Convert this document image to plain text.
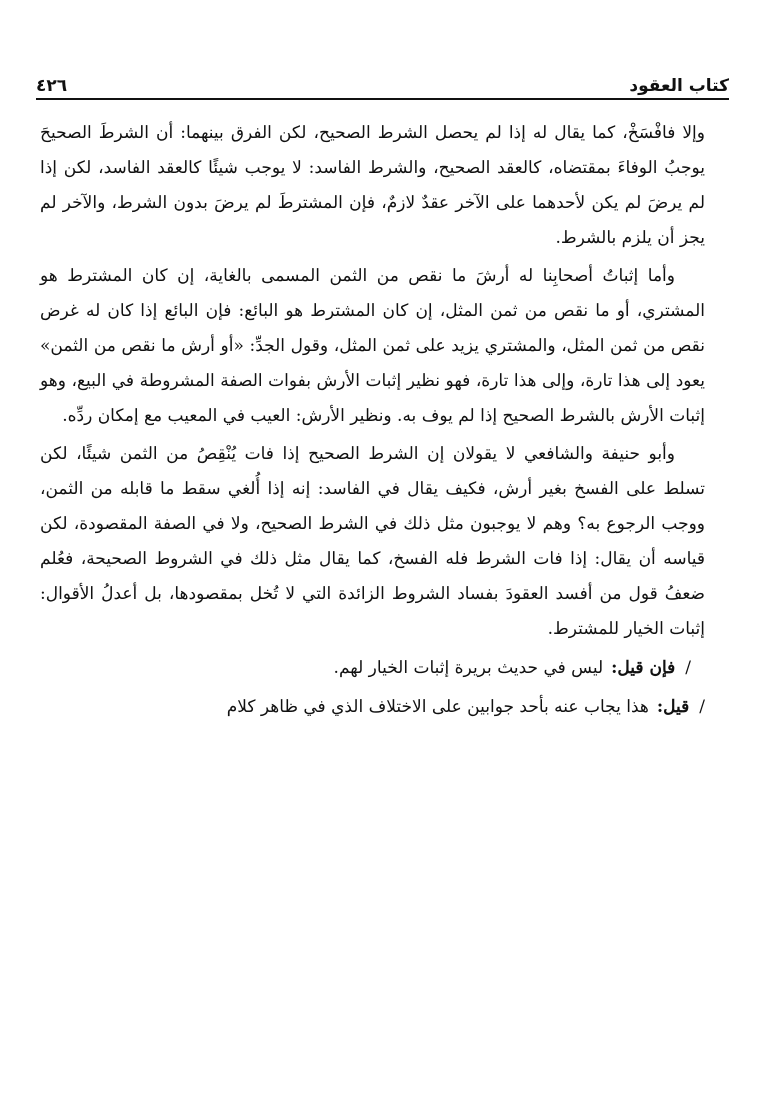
كتاب العقود
٤٢٦

وإلا فافْسَخْ، كما يقال له إذا لم يحصل الشرط الصحيح، لكن الفرق بينهما: أن الشرطَ الصحيحَ يوجبُ الوفاءَ بمقتضاه، كالعقد الصحيح، والشرط الفاسد: لا يوجب شيئًا كالعقد الفاسد، لكن إذا لم يرضَ لم يكن لأحدهما على الآخر عقدٌ لازمٌ، فإن المشترطَ لم يرضَ بدون الشرط، والآخر لم يجز أن يلزم بالشرط.

وأما إثباتُ أصحابِنا له أرشَ ما نقص من الثمن المسمى بالغاية، إن كان المشترط هو المشتري، أو ما نقص من ثمن المثل، إن كان المشترط هو البائع: فإن البائع إذا كان له غرض نقص من ثمن المثل، والمشتري يزيد على ثمن المثل، وقول الجدِّ: «أو أرش ما نقص من الثمن» يعود إلى هذا تارة، وإلى هذا تارة، فهو نظير إثبات الأرش بفوات الصفة المشروطة في البيع، وهو إثبات الأرش بالشرط الصحيح إذا لم يوف به. ونظير الأرش: العيب في المعيب مع إمكان ردِّه.

وأبو حنيفة والشافعي لا يقولان إن الشرط الصحيح إذا فات يُنْقِصُ من الثمن شيئًا، لكن تسلط على الفسخ بغير أرش، فكيف يقال في الفاسد: إنه إذا أُلغي سقط ما قابله من الثمن، ووجب الرجوع به؟ وهم لا يوجبون مثل ذلك في الشرط الصحيح، ولا في الصفة المقصودة، لكن قياسه أن يقال: إذا فات الشرط فله الفسخ، كما يقال مثل ذلك في الشروط الصحيحة، فعُلم ضعفُ قول من أفسد العقودَ بفساد الشروط الزائدة التي لا تُخل بمقصودها، بل أعدلُ الأقوال: إثبات الخيار للمشترط.

/
فإن قيل:
ليس في حديث بريرة إثبات الخيار لهم.
/
قيل:
هذا يجاب عنه بأحد جوابين على الاختلاف الذي في ظاهر كلام
